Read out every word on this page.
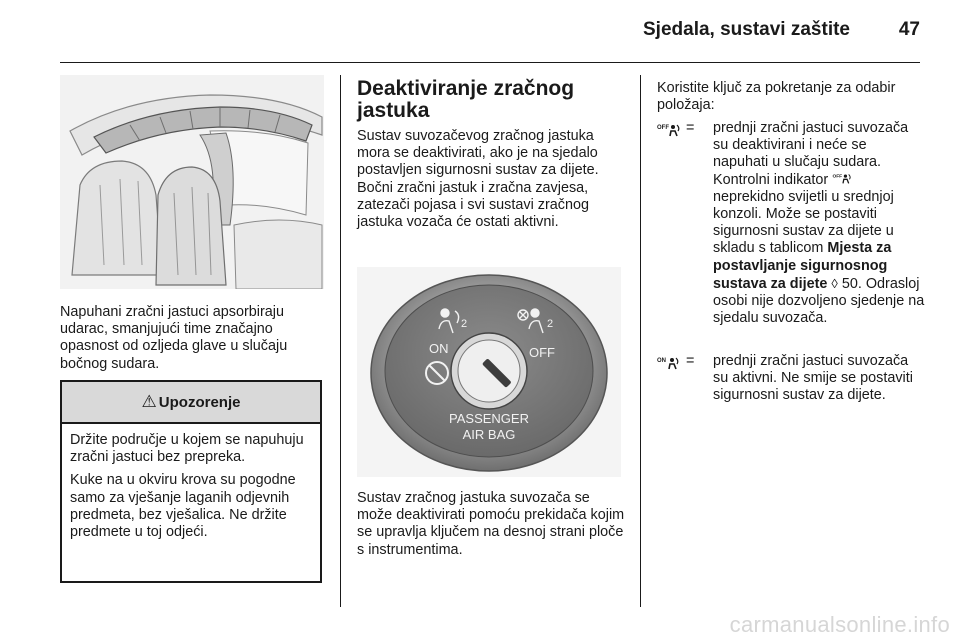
Sjedala, sustavi zaštite	47
Napuhani zračni jastuci apsorbiraju udarac, smanjujući time značajno opasnost od ozljeda glave u slučaju bočnog sudara.
⚠ Upozorenje

Držite područje u kojem se napuhuju zračni jastuci bez prepreka.

Kuke na u okviru krova su pogodne samo za vješanje laganih odjevnih predmeta, bez vješalica. Ne držite predmete u toj odjeći.

Deaktiviranje zračnog jastuka
Sustav suvozačevog zračnog jastuka mora se deaktivirati, ako je na sjedalo postavljen sigurnosni sustav za dijete. Bočni zračni jastuk i zračna zavjesa, zatezači pojasa i svi sustavi zračnog jastuka vozača će ostati aktivni.
2	2
ON	OFF
PASSENGER
AIR BAG
Sustav zračnog jastuka suvozača se može deaktivirati pomoću prekidača kojim se upravlja ključem na desnoj strani ploče s instrumentima.
Koristite ključ za pokretanje za odabir položaja:
OFF = prednji zračni jastuci suvozača su deaktivirani i neće se napuhati u slučaju sudara. Kontrolni indikator OFF
neprekidno svijetli u srednjoj konzoli. Može se postaviti sigurnosni sustav za dijete u skladu s tablicom Mjesta za postavljanje sigurnosnog sustava za dijete ◊ 50. Odrasloj osobi nije dozvoljeno sjedenje na sjedalu suvozača.
ON = prednji zračni jastuci suvozača su aktivni. Ne smije se postaviti sigurnosni sustav za dijete.
carmanualsonline.info
